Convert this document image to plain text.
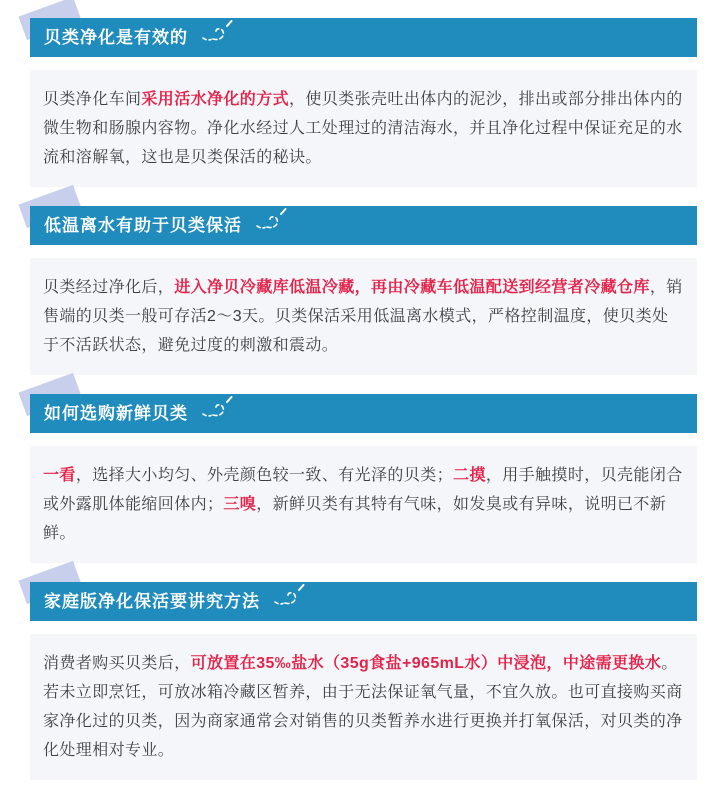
贝类净化是有效的

贝类净化车间采用活水净化的方式，使贝类张壳吐出体内的泥沙，排出或部分排出体内的微生物和肠腺内容物。净化水经过人工处理过的清洁海水，并且净化过程中保证充足的水流和溶解氧，这也是贝类保活的秘诀。

低温离水有助于贝类保活

贝类经过净化后，进入净贝冷藏库低温冷藏，再由冷藏车低温配送到经营者冷藏仓库，销售端的贝类一般可存活2～3天。贝类保活采用低温离水模式，严格控制温度，使贝类处于不活跃状态，避免过度的刺激和震动。

如何选购新鲜贝类

一看，选择大小均匀、外壳颜色较一致、有光泽的贝类；二摸，用手触摸时，贝壳能闭合或外露肌体能缩回体内；三嗅，新鲜贝类有其特有气味，如发臭或有异味，说明已不新鲜。

家庭版净化保活要讲究方法

消费者购买贝类后，可放置在35‰盐水（35g食盐+965mL水）中浸泡，中途需更换水。若未立即烹饪，可放冰箱冷藏区暂养，由于无法保证氧气量，不宜久放。也可直接购买商家净化过的贝类，因为商家通常会对销售的贝类暂养水进行更换并打氧保活，对贝类的净化处理相对专业。
